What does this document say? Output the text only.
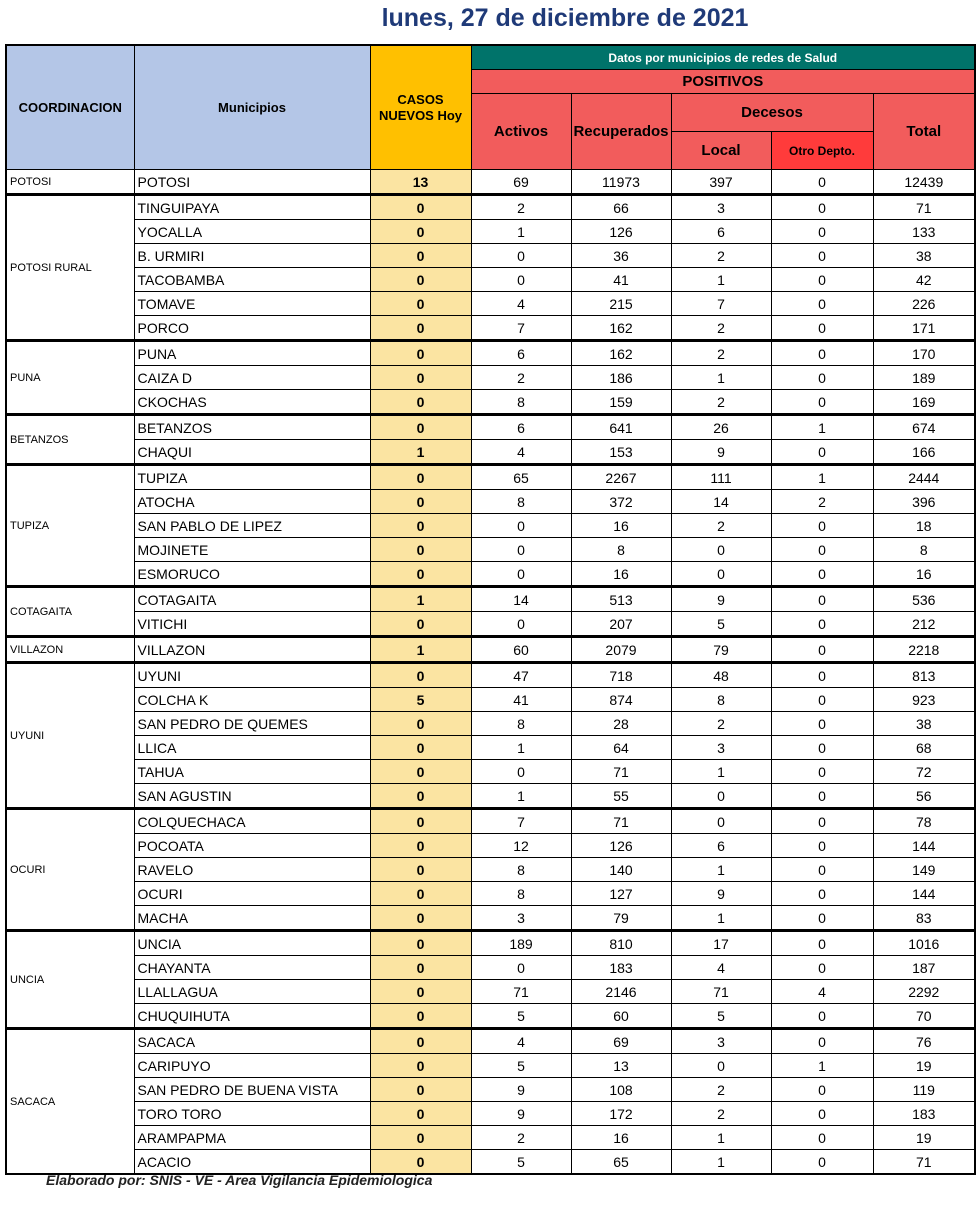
lunes, 27 de diciembre de 2021
COORDINACION	Municipios	CASOS NUEVOS Hoy	Datos por municipios de redes de Salud				
			POSITIVOS				
			Activos	Recuperados	Decesos		Total
					Local	Otro Depto.	
POTOSI	POTOSI	13	69	11973	397	0	12439
POTOSI RURAL	TINGUIPAYA	0	2	66	3	0	71
	YOCALLA	0	1	126	6	0	133
	B. URMIRI	0	0	36	2	0	38
	TACOBAMBA	0	0	41	1	0	42
	TOMAVE	0	4	215	7	0	226
	PORCO	0	7	162	2	0	171
PUNA	PUNA	0	6	162	2	0	170
	CAIZA D	0	2	186	1	0	189
	CKOCHAS	0	8	159	2	0	169
BETANZOS	BETANZOS	0	6	641	26	1	674
	CHAQUI	1	4	153	9	0	166
TUPIZA	TUPIZA	0	65	2267	111	1	2444
	ATOCHA	0	8	372	14	2	396
	SAN PABLO DE LIPEZ	0	0	16	2	0	18
	MOJINETE	0	0	8	0	0	8
	ESMORUCO	0	0	16	0	0	16
COTAGAITA	COTAGAITA	1	14	513	9	0	536
	VITICHI	0	0	207	5	0	212
VILLAZON	VILLAZON	1	60	2079	79	0	2218
UYUNI	UYUNI	0	47	718	48	0	813
	COLCHA K	5	41	874	8	0	923
	SAN PEDRO DE QUEMES	0	8	28	2	0	38
	LLICA	0	1	64	3	0	68
	TAHUA	0	0	71	1	0	72
	SAN AGUSTIN	0	1	55	0	0	56
OCURI	COLQUECHACA	0	7	71	0	0	78
	POCOATA	0	12	126	6	0	144
	RAVELO	0	8	140	1	0	149
	OCURI	0	8	127	9	0	144
	MACHA	0	3	79	1	0	83
UNCIA	UNCIA	0	189	810	17	0	1016
	CHAYANTA	0	0	183	4	0	187
	LLALLAGUA	0	71	2146	71	4	2292
	CHUQUIHUTA	0	5	60	5	0	70
SACACA	SACACA	0	4	69	3	0	76
	CARIPUYO	0	5	13	0	1	19
	SAN PEDRO DE BUENA VISTA	0	9	108	2	0	119
	TORO TORO	0	9	172	2	0	183
	ARAMPAPMA	0	2	16	1	0	19
	ACACIO	0	5	65	1	0	71
Elaborado por: SNIS - VE - Area Vigilancia Epidemiologica
